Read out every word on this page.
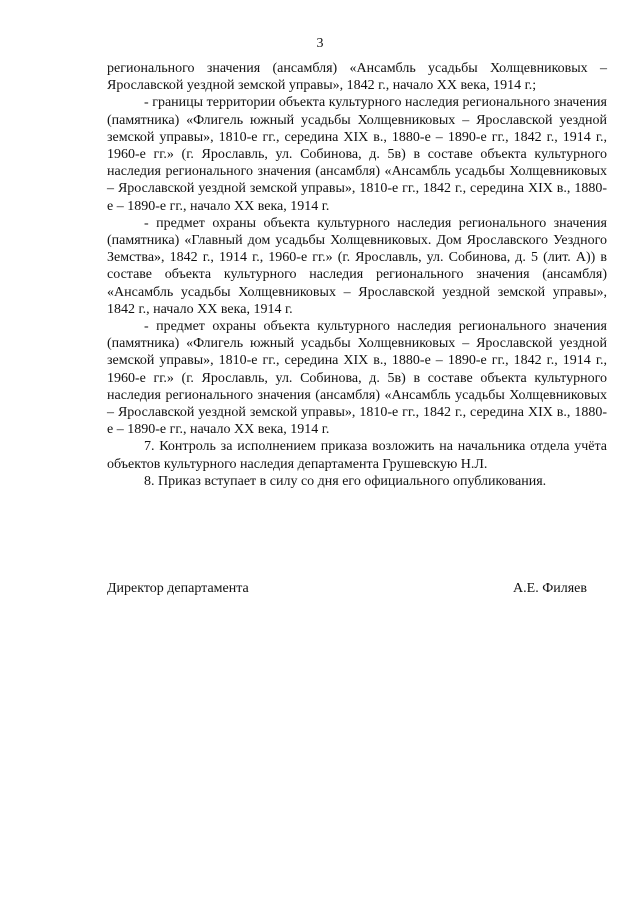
3

регионального значения (ансамбля) «Ансамбль усадьбы Холщевниковых – Ярославской уездной земской управы», 1842 г., начало XX века, 1914 г.;

- границы территории объекта культурного наследия регионального значения (памятника) «Флигель южный усадьбы Холщевниковых – Ярославской уездной земской управы», 1810-е гг., середина XIX в., 1880-е – 1890-е гг., 1842 г., 1914 г., 1960-е гг.» (г. Ярославль, ул. Собинова, д. 5в) в составе объекта культурного наследия регионального значения (ансамбля) «Ансамбль усадьбы Холщевниковых – Ярославской уездной земской управы», 1810-е гг., 1842 г., середина XIX в., 1880-е – 1890-е гг., начало XX века, 1914 г.

- предмет охраны объекта культурного наследия регионального значения (памятника) «Главный дом усадьбы Холщевниковых. Дом Ярославского Уездного Земства», 1842 г., 1914 г., 1960-е гг.» (г. Ярославль, ул. Собинова, д. 5 (лит. А)) в составе объекта культурного наследия регионального значения (ансамбля) «Ансамбль усадьбы Холщевниковых – Ярославской уездной земской управы», 1842 г., начало XX века, 1914 г.

- предмет охраны объекта культурного наследия регионального значения (памятника) «Флигель южный усадьбы Холщевниковых – Ярославской уездной земской управы», 1810-е гг., середина XIX в., 1880-е – 1890-е гг., 1842 г., 1914 г., 1960-е гг.» (г. Ярославль, ул. Собинова, д. 5в) в составе объекта культурного наследия регионального значения (ансамбля) «Ансамбль усадьбы Холщевниковых – Ярославской уездной земской управы», 1810-е гг., 1842 г., середина XIX в., 1880-е – 1890-е гг., начало XX века, 1914 г.

7. Контроль за исполнением приказа возложить на начальника отдела учёта объектов культурного наследия департамента Грушевскую Н.Л.

8. Приказ вступает в силу со дня его официального опубликования.

Директор департамента	А.Е. Филяев
